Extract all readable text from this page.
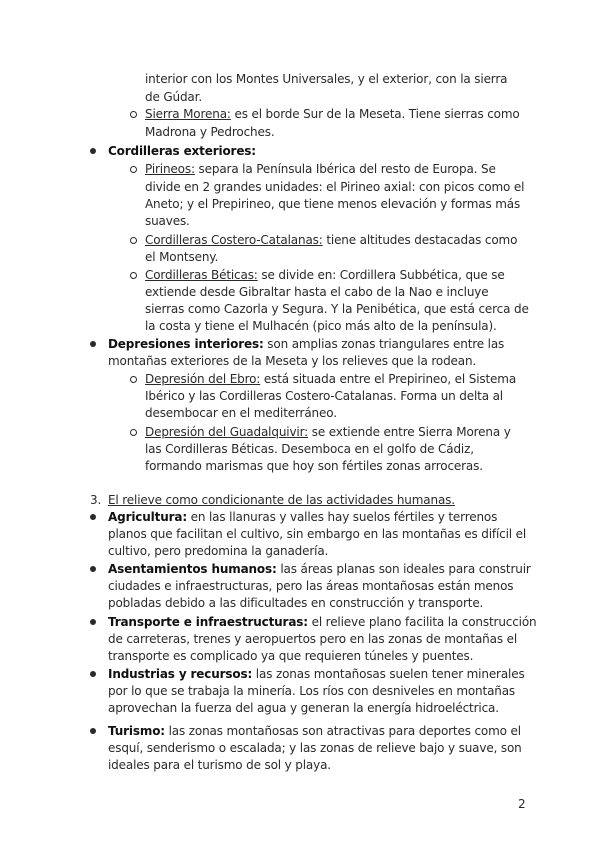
interior con los Montes Universales, y el exterior, con la sierra
de Gúdar.
Sierra Morena: es el borde Sur de la Meseta. Tiene sierras como
Madrona y Pedroches.
Cordilleras exteriores:
Pirineos: separa la Península Ibérica del resto de Europa. Se
divide en 2 grandes unidades: el Pirineo axial: con picos como el
Aneto; y el Prepirineo, que tiene menos elevación y formas más
suaves.
Cordilleras Costero-Catalanas: tiene altitudes destacadas como
el Montseny.
Cordilleras Béticas: se divide en: Cordillera Subbética, que se
extiende desde Gibraltar hasta el cabo de la Nao e incluye
sierras como Cazorla y Segura. Y la Penibética, que está cerca de
la costa y tiene el Mulhacén (pico más alto de la península).
Depresiones interiores: son amplias zonas triangulares entre las
montañas exteriores de la Meseta y los relieves que la rodean.
Depresión del Ebro: está situada entre el Prepirineo, el Sistema
Ibérico y las Cordilleras Costero-Catalanas. Forma un delta al
desembocar en el mediterráneo.
Depresión del Guadalquivir: se extiende entre Sierra Morena y
las Cordilleras Béticas. Desemboca en el golfo de Cádiz,
formando marismas que hoy son fértiles zonas arroceras.
3. El relieve como condicionante de las actividades humanas.
Agricultura: en las llanuras y valles hay suelos fértiles y terrenos
planos que facilitan el cultivo, sin embargo en las montañas es difícil el
cultivo, pero predomina la ganadería.
Asentamientos humanos: las áreas planas son ideales para construir
ciudades e infraestructuras, pero las áreas montañosas están menos
pobladas debido a las dificultades en construcción y transporte.
Transporte e infraestructuras: el relieve plano facilita la construcción
de carreteras, trenes y aeropuertos pero en las zonas de montañas el
transporte es complicado ya que requieren túneles y puentes.
Industrias y recursos: las zonas montañosas suelen tener minerales
por lo que se trabaja la minería. Los ríos con desniveles en montañas
aprovechan la fuerza del agua y generan la energía hidroeléctrica.
Turismo: las zonas montañosas son atractivas para deportes como el
esquí, senderismo o escalada; y las zonas de relieve bajo y suave, son
ideales para el turismo de sol y playa.
2
